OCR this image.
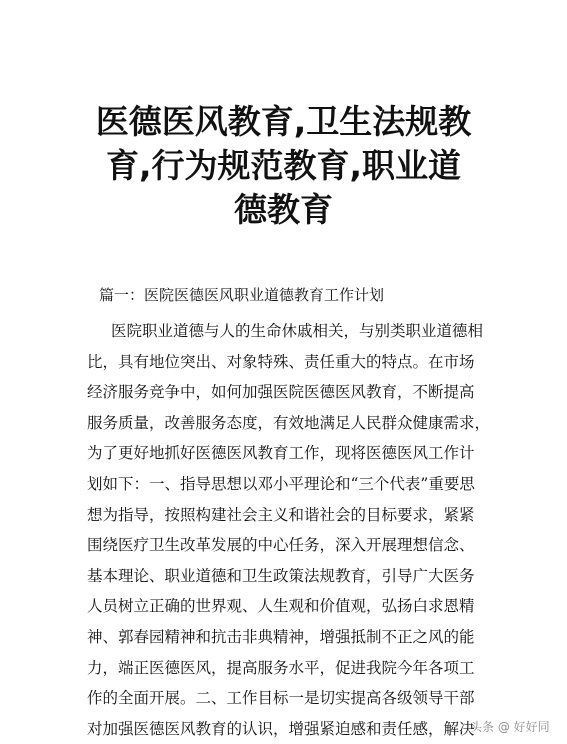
医德医风教育,卫生法规教
育,行为规范教育,职业道
德教育
篇一：医院医德医风职业道德教育工作计划
医院职业道德与人的生命休戚相关，与别类职业道德相
比，具有地位突出、对象特殊、责任重大的特点。在市场
经济服务竞争中，如何加强医院医德医风教育，不断提高
服务质量，改善服务态度，有效地满足人民群众健康需求，
为了更好地抓好医德医风教育工作，现将医德医风工作计
划如下：一、指导思想以邓小平理论和“三个代表”重要思
想为指导，按照构建社会主义和谐社会的目标要求，紧紧
围绕医疗卫生改革发展的中心任务，深入开展理想信念、
基本理论、职业道德和卫生政策法规教育，引导广大医务
人员树立正确的世界观、人生观和价值观，弘扬白求恩精
神、郭春园精神和抗击非典精神，增强抵制不正之风的能
力，端正医德医风，提高服务水平，促进我院今年各项工
作的全面开展。二、工作目标一是切实提高各级领导干部
对加强医德医风教育的认识，增强紧迫感和责任感，解决
头条 @ 好好同
